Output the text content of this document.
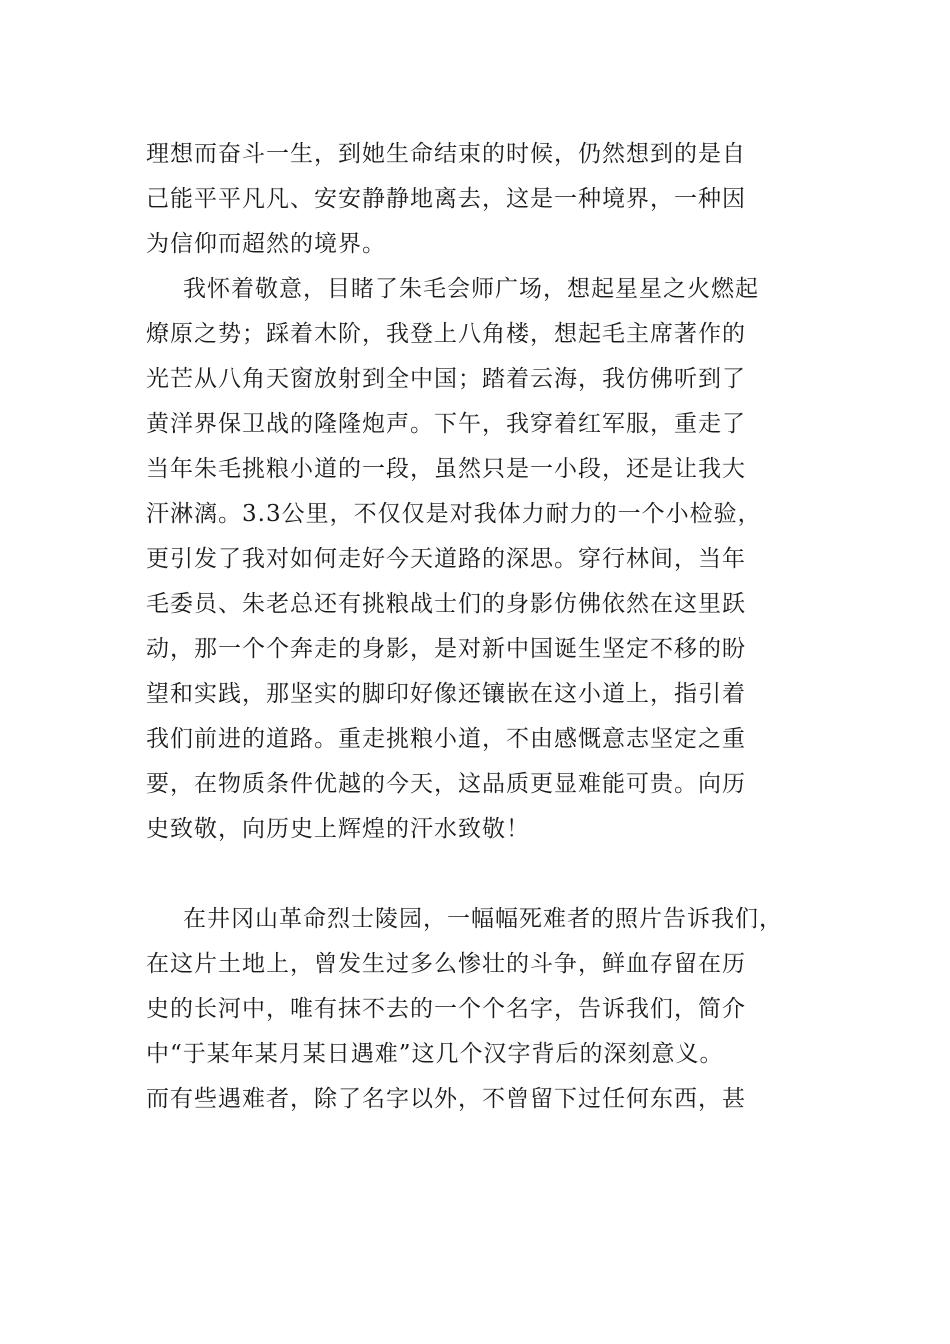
理想而奋斗一生，到她生命结束的时候，仍然想到的是自
己能平平凡凡、安安静静地离去，这是一种境界，一种因
为信仰而超然的境界。
我怀着敬意，目睹了朱毛会师广场，想起星星之火燃起
燎原之势；踩着木阶，我登上八角楼，想起毛主席著作的
光芒从八角天窗放射到全中国；踏着云海，我仿佛听到了
黄洋界保卫战的隆隆炮声。下午，我穿着红军服，重走了
当年朱毛挑粮小道的一段，虽然只是一小段，还是让我大
汗淋漓。3.3公里，不仅仅是对我体力耐力的一个小检验，
更引发了我对如何走好今天道路的深思。穿行林间，当年
毛委员、朱老总还有挑粮战士们的身影仿佛依然在这里跃
动，那一个个奔走的身影，是对新中国诞生坚定不移的盼
望和实践，那坚实的脚印好像还镶嵌在这小道上，指引着
我们前进的道路。重走挑粮小道，不由感慨意志坚定之重
要，在物质条件优越的今天，这品质更显难能可贵。向历
史致敬，向历史上辉煌的汗水致敬！
在井冈山革命烈士陵园，一幅幅死难者的照片告诉我们，
在这片土地上，曾发生过多么惨壮的斗争，鲜血存留在历
史的长河中，唯有抹不去的一个个名字，告诉我们，简介
中“于某年某月某日遇难”这几个汉字背后的深刻意义。
而有些遇难者，除了名字以外，不曾留下过任何东西，甚
